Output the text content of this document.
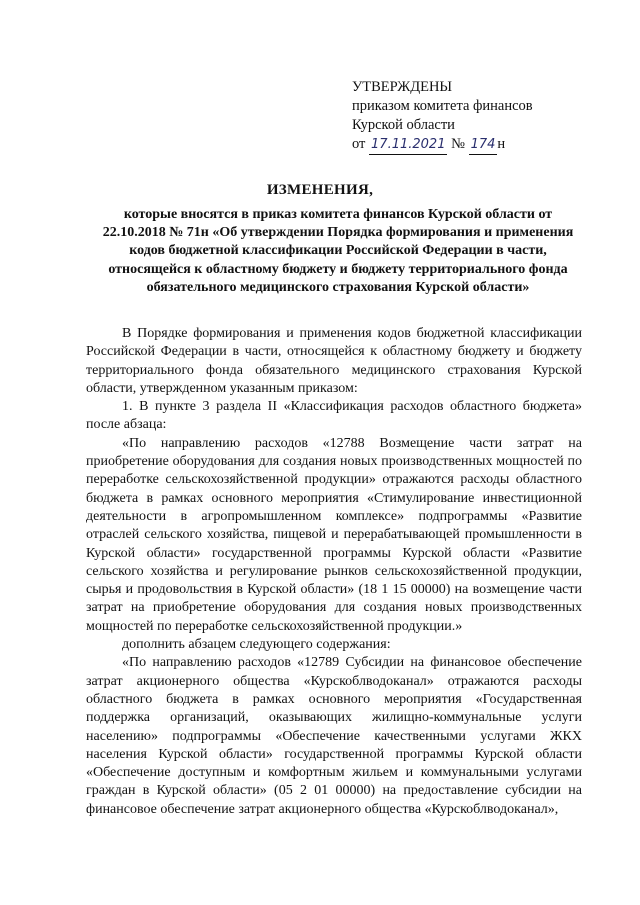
УТВЕРЖДЕНЫ
приказом комитета финансов
Курской области
от 17.11.2021 № 174 н
ИЗМЕНЕНИЯ,
которые вносятся в приказ комитета финансов Курской области от 22.10.2018 № 71н «Об утверждении Порядка формирования и применения кодов бюджетной классификации Российской Федерации в части, относящейся к областному бюджету и бюджету территориального фонда обязательного медицинского страхования Курской области»

В Порядке формирования и применения кодов бюджетной классификации Российской Федерации в части, относящейся к областному бюджету и бюджету территориального фонда обязательного медицинского страхования Курской области, утвержденном указанным приказом:

1. В пункте 3 раздела II «Классификация расходов областного бюджета» после абзаца:

«По направлению расходов «12788 Возмещение части затрат на приобретение оборудования для создания новых производственных мощностей по переработке сельскохозяйственной продукции» отражаются расходы областного бюджета в рамках основного мероприятия «Стимулирование инвестиционной деятельности в агропромышленном комплексе» подпрограммы «Развитие отраслей сельского хозяйства, пищевой и перерабатывающей промышленности в Курской области» государственной программы Курской области «Развитие сельского хозяйства и регулирование рынков сельскохозяйственной продукции, сырья и продовольствия в Курской области» (18 1 15 00000) на возмещение части затрат на приобретение оборудования для создания новых производственных мощностей по переработке сельскохозяйственной продукции.»

дополнить абзацем следующего содержания:

«По направлению расходов «12789 Субсидии на финансовое обеспечение затрат акционерного общества «Курскоблводоканал» отражаются расходы областного бюджета в рамках основного мероприятия «Государственная поддержка организаций, оказывающих жилищно-коммунальные услуги населению» подпрограммы «Обеспечение качественными услугами ЖКХ населения Курской области» государственной программы Курской области «Обеспечение доступным и комфортным жильем и коммунальными услугами граждан в Курской области» (05 2 01 00000) на предоставление субсидии на финансовое обеспечение затрат акционерного общества «Курскоблводоканал»,
